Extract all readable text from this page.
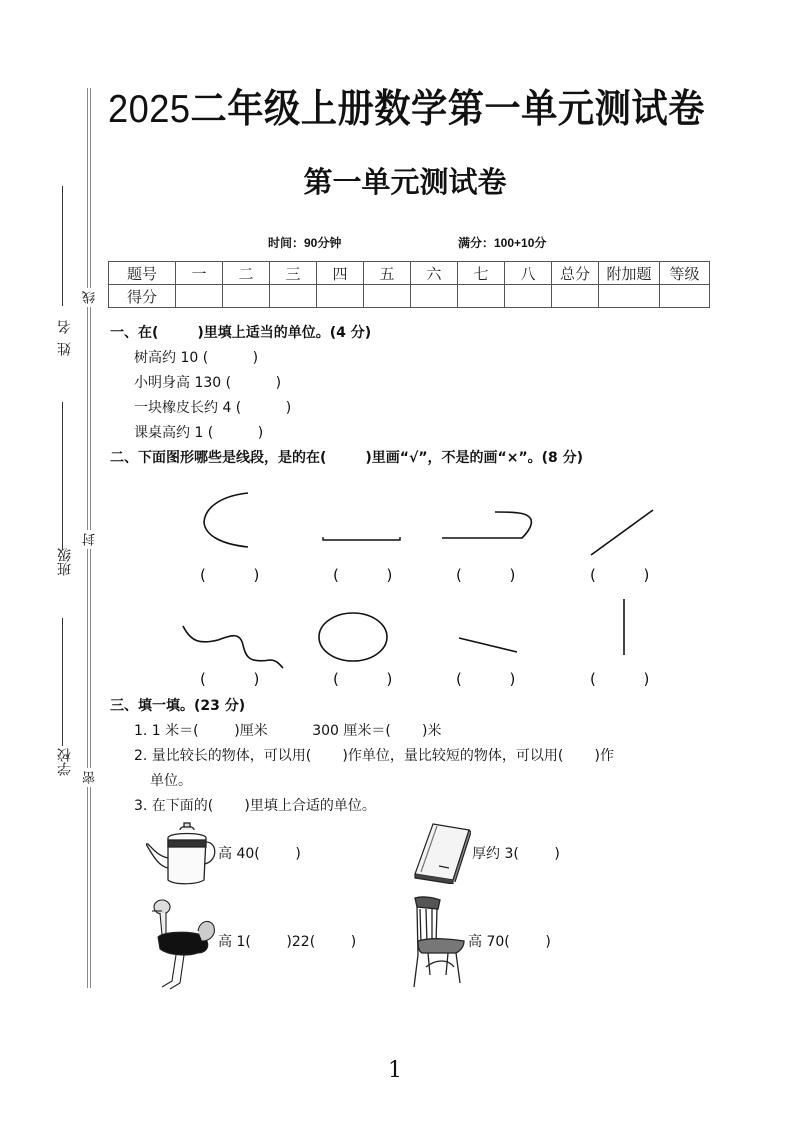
线
封
密
姓名
班级
学校
2025二年级上册数学第一单元测试卷
第一单元测试卷
时间：90分钟	满分：100+10分
题号	一	二	三	四	五	六	七	八	总分	附加题	等级
得分											
一、在(        )里填上适当的单位。(4 分)
树高约 10 (          )
小明身高 130 (          )
一块橡皮长约 4 (          )
课桌高约 1 (          )
二、下面图形哪些是线段，是的在(        )里画“√”，不是的画“×”。(8 分)
(          )	(          )	(          )	(          )
(          )	(          )	(          )	(          )
三、填一填。(23 分)
1. 1 米＝(        )厘米          300 厘米＝(       )米
2. 量比较长的物体，可以用(       )作单位，量比较短的物体，可以用(       )作
单位。
3. 在下面的(       )里填上合适的单位。
高 40(        )	厚约 3(        )
高 1(        )22(        )	高 70(        )
1
